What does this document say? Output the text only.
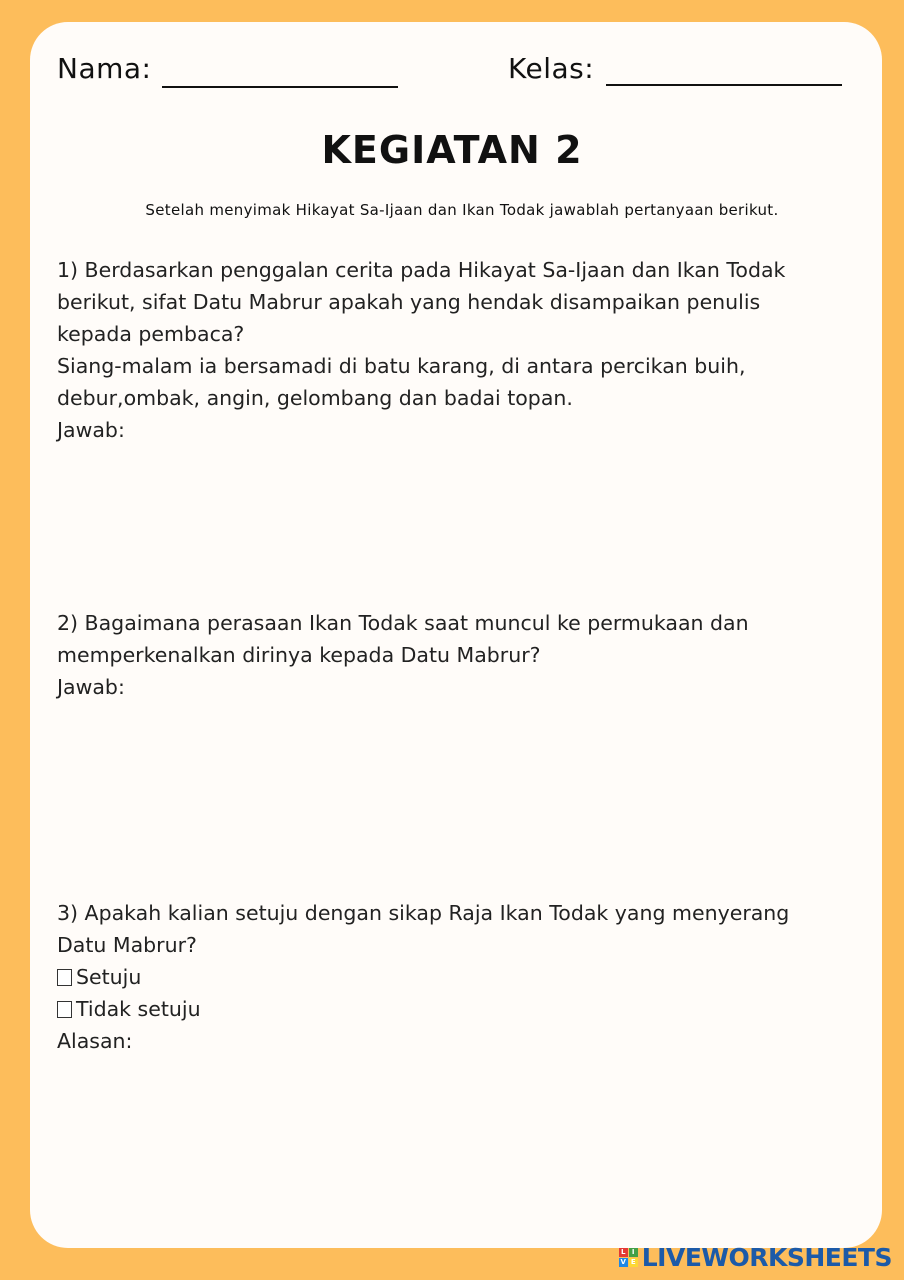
Nama:	Kelas:
KEGIATAN 2
Setelah menyimak Hikayat Sa-Ijaan dan Ikan Todak jawablah pertanyaan berikut.

1) Berdasarkan penggalan cerita pada Hikayat Sa-Ijaan dan Ikan Todak

berikut, sifat Datu Mabrur apakah yang hendak disampaikan penulis

kepada pembaca?

Siang-malam ia bersamadi di batu karang, di antara percikan buih,

debur,ombak, angin, gelombang dan badai topan.

Jawab:

2) Bagaimana perasaan Ikan Todak saat muncul ke permukaan dan

memperkenalkan dirinya kepada Datu Mabrur?

Jawab:

3) Apakah kalian setuju dengan sikap Raja Ikan Todak yang menyerang

Datu Mabrur?

Setuju

Tidak setuju

Alasan:

L I
V E LIVEWORKSHEETS
